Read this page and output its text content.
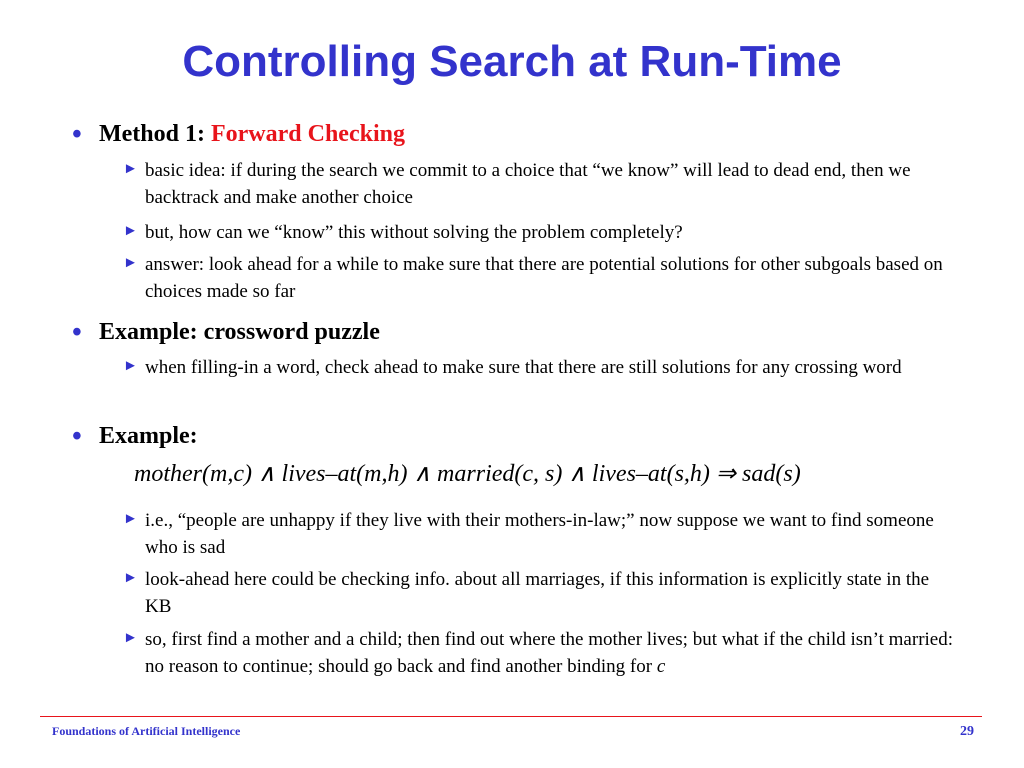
Controlling Search at Run-Time
• Method 1: Forward Checking
► basic idea: if during the search we commit to a choice that “we know” will lead to dead end, then we backtrack and make another choice
► but, how can we “know” this without solving the problem completely?
► answer: look ahead for a while to make sure that there are potential solutions for other subgoals based on choices made so far
• Example: crossword puzzle
► when filling-in a word, check ahead to make sure that there are still solutions for any crossing word
• Example:
mother(m,c) ∧ lives–at(m,h) ∧ married(c, s) ∧ lives–at(s,h) ⇒ sad(s)
► i.e., “people are unhappy if they live with their mothers-in-law;” now suppose we want to find someone who is sad
► look-ahead here could be checking info. about all marriages, if this information is explicitly state in the KB
► so, first find a mother and a child; then find out where the mother lives; but what if the child isn’t married: no reason to continue; should go back and find another binding for c
Foundations of Artificial Intelligence	29
